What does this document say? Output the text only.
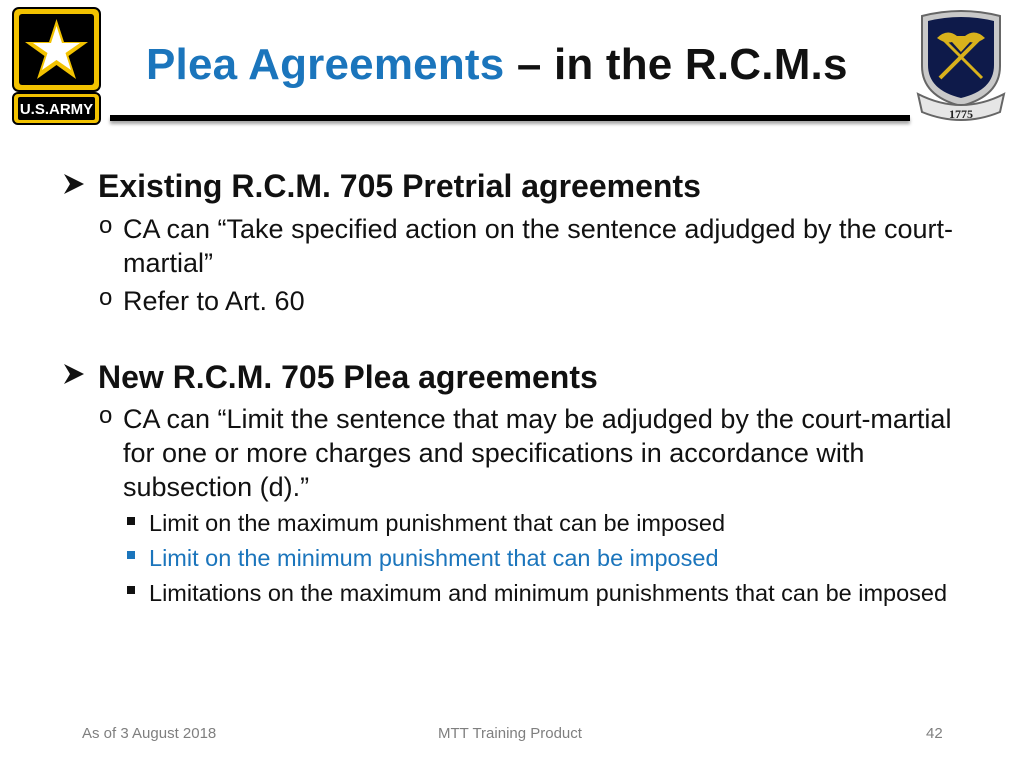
U.S.ARMY	1775
Plea Agreements – in the R.C.M.s
Existing R.C.M. 705 Pretrial agreements
o CA can “Take specified action on the sentence adjudged by the court-martial”
o Refer to Art. 60
New R.C.M. 705 Plea agreements
o CA can “Limit the sentence that may be adjudged by the court-martial for one or more charges and specifications in accordance with subsection (d).”
Limit on the maximum punishment that can be imposed
Limit on the minimum punishment that can be imposed
Limitations on the maximum and minimum punishments that can be imposed
As of 3 August 2018	MTT Training Product	42
